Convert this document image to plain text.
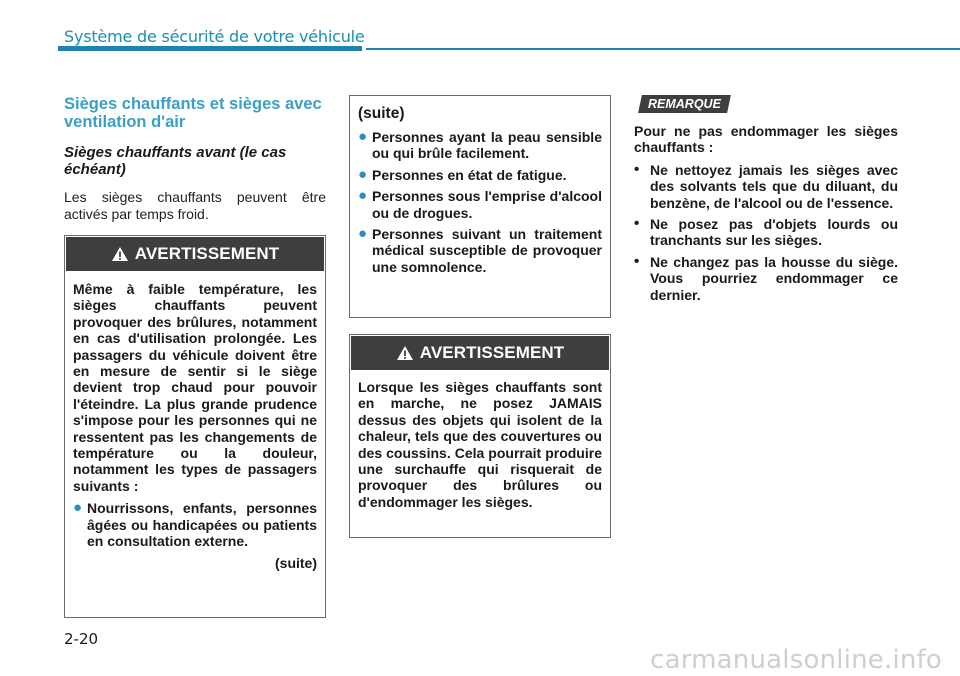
Système de sécurité de votre véhicule
Sièges chauffants et sièges avec ventilation d'air
Sièges chauffants avant (le cas échéant)

Les sièges chauffants peuvent être activés par temps froid.

AVERTISSEMENT

Même à faible température, les sièges chauffants peuvent provoquer des brûlures, notamment en cas d'utilisation prolongée. Les passagers du véhicule doivent être en mesure de sentir si le siège devient trop chaud pour pouvoir l'éteindre. La plus grande prudence s'impose pour les personnes qui ne ressentent pas les changements de température ou la douleur, notamment les types de passagers suivants :

● Nourrissons, enfants, personnes âgées ou handicapées ou patients en consultation externe.
(suite)
(suite)
● Personnes ayant la peau sensible ou qui brûle facilement.
● Personnes en état de fatigue.
● Personnes sous l'emprise d'alcool ou de drogues.
● Personnes suivant un traitement médical susceptible de provoquer une somnolence.
AVERTISSEMENT

Lorsque les sièges chauffants sont en marche, ne posez JAMAIS dessus des objets qui isolent de la chaleur, tels que des couvertures ou des coussins. Cela pourrait produire une surchauffe qui risquerait de provoquer des brûlures ou d'endommager les sièges.

REMARQUE

Pour ne pas endommager les sièges chauffants :

• Ne nettoyez jamais les sièges avec des solvants tels que du diluant, du benzène, de l'alcool ou de l'essence.
• Ne posez pas d'objets lourds ou tranchants sur les sièges.
• Ne changez pas la housse du siège. Vous pourriez endommager ce dernier.
2-20
carmanualsonline.info
